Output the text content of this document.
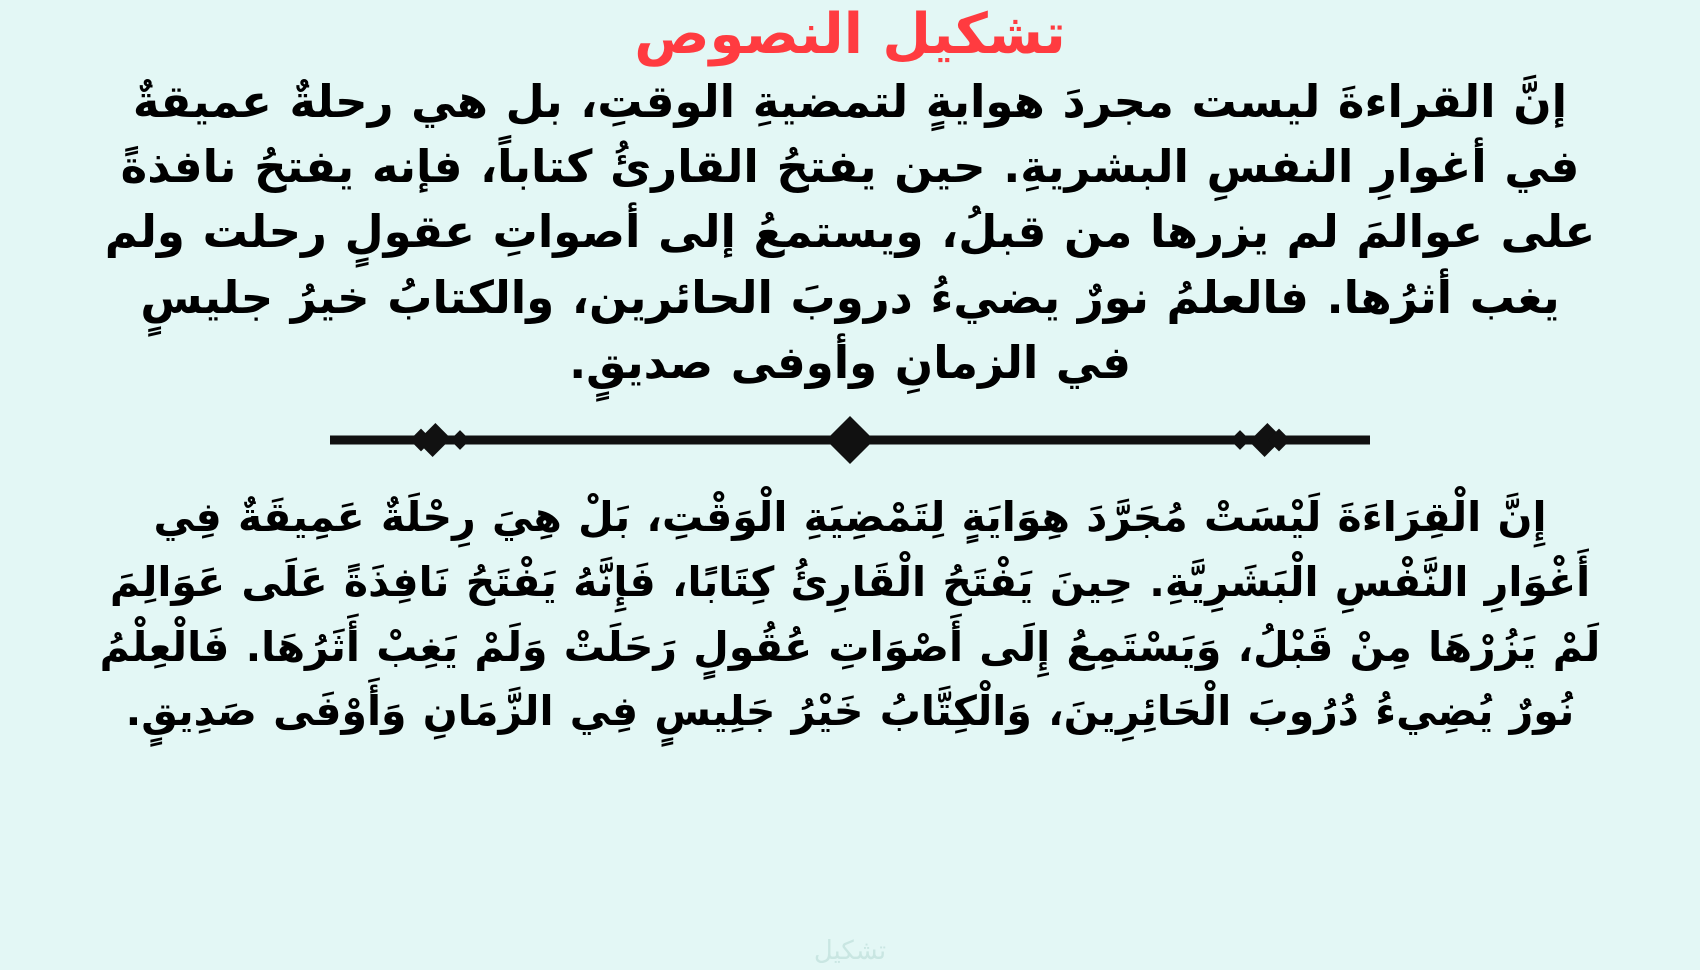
تشكيل النصوص

إنَّ القراءةَ ليست مجردَ هوايةٍ لتمضيةِ الوقتِ، بل هي رحلةٌ عميقةٌ في أغوارِ النفسِ البشريةِ. حين يفتحُ القارئُ كتاباً، فإنه يفتحُ نافذةً على عوالمَ لم يزرها من قبلُ، ويستمعُ إلى أصواتِ عقولٍ رحلت ولم يغب أثرُها. فالعلمُ نورٌ يضيءُ دروبَ الحائرين، والكتابُ خيرُ جليسٍ في الزمانِ وأوفى صديقٍ.

إِنَّ الْقِرَاءَةَ لَيْسَتْ مُجَرَّدَ هِوَايَةٍ لِتَمْضِيَةِ الْوَقْتِ، بَلْ هِيَ رِحْلَةٌ عَمِيقَةٌ فِي أَغْوَارِ النَّفْسِ الْبَشَرِيَّةِ. حِينَ يَفْتَحُ الْقَارِئُ كِتَابًا، فَإِنَّهُ يَفْتَحُ نَافِذَةً عَلَى عَوَالِمَ لَمْ يَزُرْهَا مِنْ قَبْلُ، وَيَسْتَمِعُ إِلَى أَصْوَاتِ عُقُولٍ رَحَلَتْ وَلَمْ يَغِبْ أَثَرُهَا. فَالْعِلْمُ نُورٌ يُضِيءُ دُرُوبَ الْحَائِرِينَ، وَالْكِتَّابُ خَيْرُ جَلِيسٍ فِي الزَّمَانِ وَأَوْفَى صَدِيقٍ.

تشكيل
